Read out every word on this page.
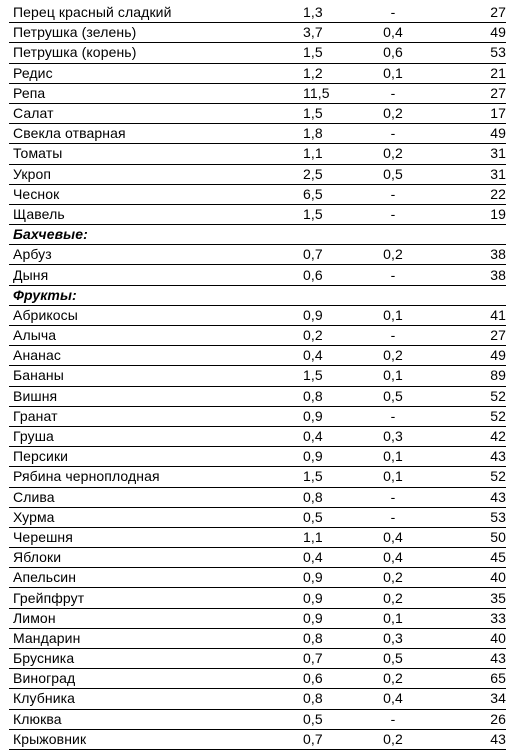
Перец красный сладкий	1,3	-	27
Петрушка (зелень)	3,7	0,4	49
Петрушка (корень)	1,5	0,6	53
Редис	1,2	0,1	21
Репа	11,5	-	27
Салат	1,5	0,2	17
Свекла отварная	1,8	-	49
Томаты	1,1	0,2	31
Укроп	2,5	0,5	31
Чеснок	6,5	-	22
Щавель	1,5	-	19
Бахчевые:			
Арбуз	0,7	0,2	38
Дыня	0,6	-	38
Фрукты:			
Абрикосы	0,9	0,1	41
Алыча	0,2	-	27
Ананас	0,4	0,2	49
Бананы	1,5	0,1	89
Вишня	0,8	0,5	52
Гранат	0,9	-	52
Груша	0,4	0,3	42
Персики	0,9	0,1	43
Рябина черноплодная	1,5	0,1	52
Слива	0,8	-	43
Хурма	0,5	-	53
Черешня	1,1	0,4	50
Яблоки	0,4	0,4	45
Апельсин	0,9	0,2	40
Грейпфрут	0,9	0,2	35
Лимон	0,9	0,1	33
Мандарин	0,8	0,3	40
Брусника	0,7	0,5	43
Виноград	0,6	0,2	65
Клубника	0,8	0,4	34
Клюква	0,5	-	26
Крыжовник	0,7	0,2	43
